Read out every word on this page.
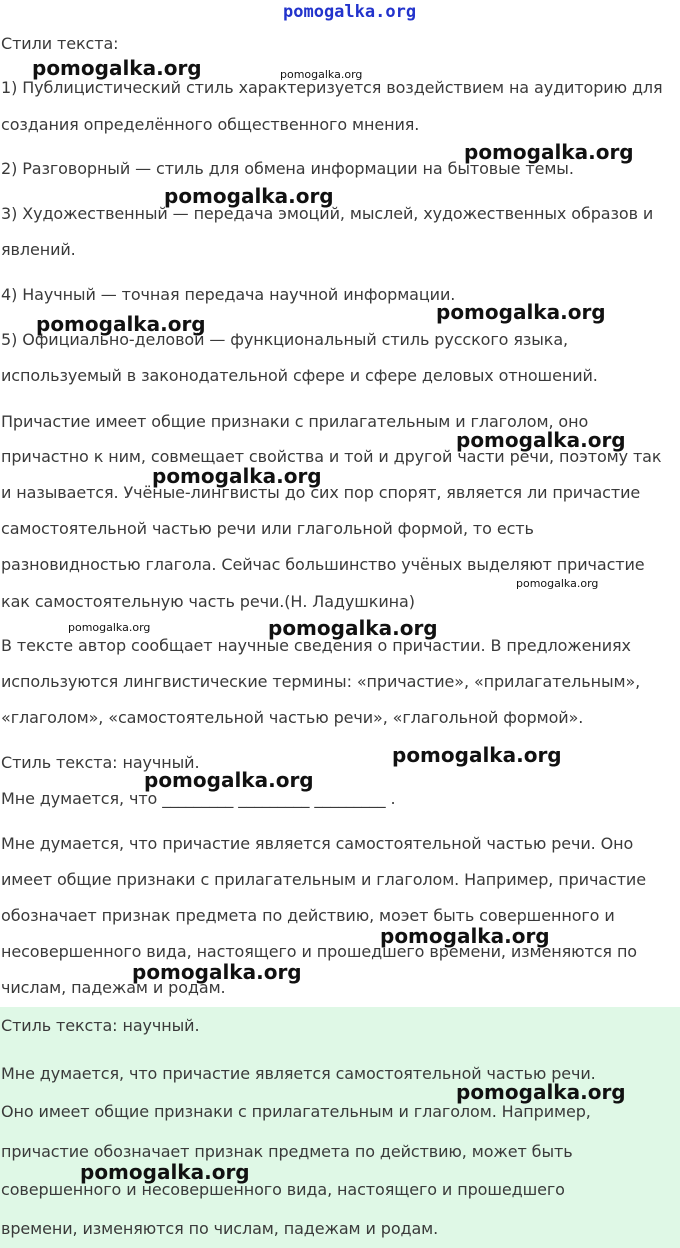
pomogalka.org
Стили текста:
1) Публицистический стиль характеризуется воздействием на аудиторию для
создания определённого общественного мнения.
2) Разговорный — стиль для обмена информации на бытовые темы.
3) Художественный — передача эмоций, мыслей, художественных образов и
явлений.
4) Научный — точная передача научной информации.
5) Официально-деловой — функциональный стиль русского языка,
используемый в законодательной сфере и сфере деловых отношений.
Причастие имеет общие признаки с прилагательным и глаголом, оно
причастно к ним, совмещает свойства и той и другой части речи, поэтому так
и называется. Учёные-лингвисты до сих пор спорят, является ли причастие
самостоятельной частью речи или глагольной формой, то есть
разновидностью глагола. Сейчас большинство учёных выделяют причастие
как самостоятельную часть речи.(Н. Ладушкина)
В тексте автор сообщает научные сведения о причастии. В предложениях
используются лингвистические термины: «причастие», «прилагательным»,
«глаголом», «самостоятельной частью речи», «глагольной формой».
Стиль текста: научный.
Мне думается, что _________ _________ _________ .
Мне думается, что причастие является самостоятельной частью речи. Оно
имеет общие признаки с прилагательным и глаголом. Например, причастие
обозначает признак предмета по действию, моэет быть совершенного и
несовершенного вида, настоящего и прошедшего времени, изменяются по
числам, падежам и родам.
Стиль текста: научный.
Мне думается, что причастие является самостоятельной частью речи.
Оно имеет общие признаки с прилагательным и глаголом. Например,
причастие обозначает признак предмета по действию, может быть
совершенного и несовершенного вида, настоящего и прошедшего
времени, изменяются по числам, падежам и родам.
pomogalka.org	pomogalka.org
pomogalka.org
pomogalka.org
pomogalka.org
pomogalka.org
pomogalka.org
pomogalka.org
pomogalka.org
pomogalka.org	pomogalka.org
pomogalka.org
pomogalka.org
pomogalka.org
pomogalka.org
pomogalka.org
pomogalka.org
